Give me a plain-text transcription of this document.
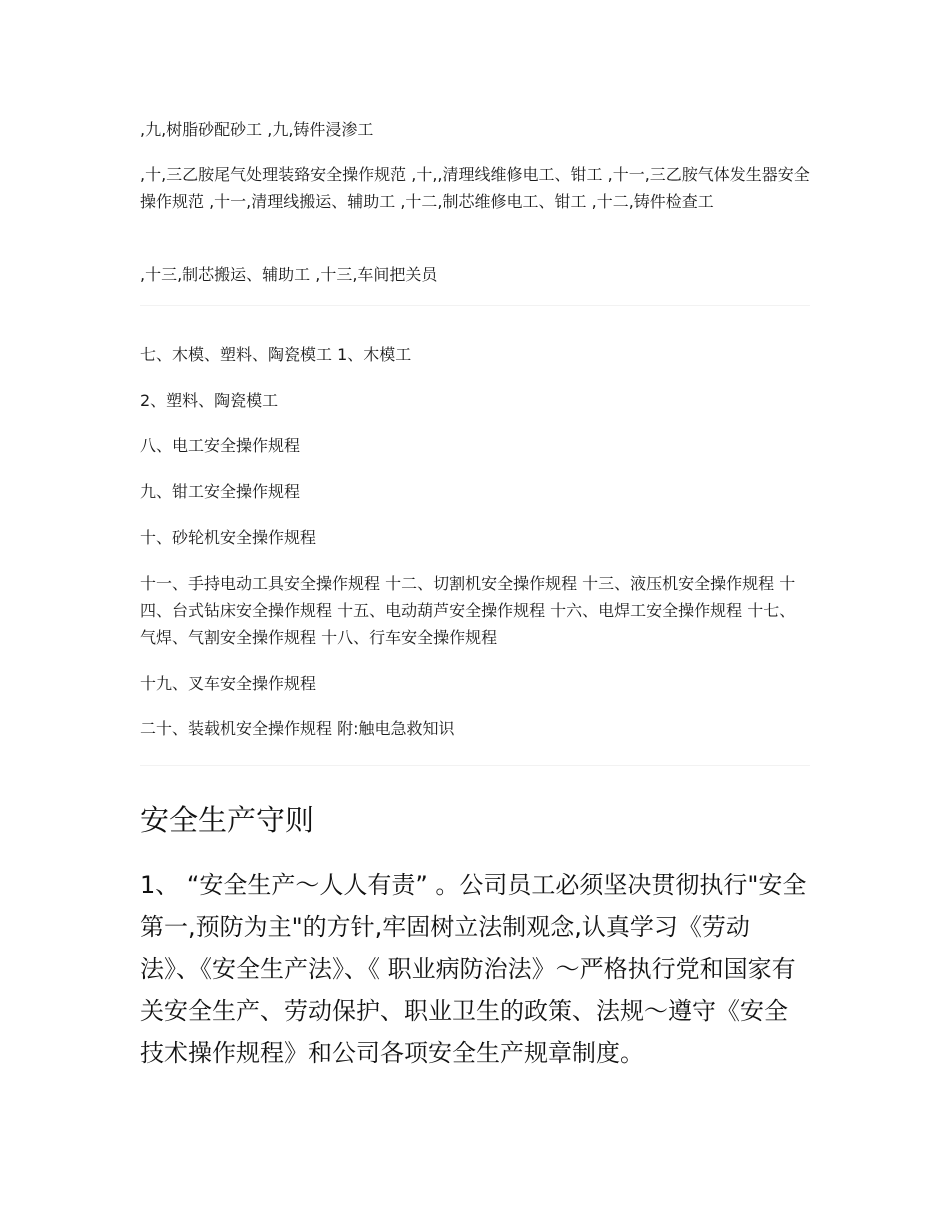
,九,树脂砂配砂工 ,九,铸件浸渗工

,十,三乙胺尾气处理装臵安全操作规范 ,十,,清理线维修电工、钳工 ,十一,三乙胺气体发生器安全操作规范 ,十一,清理线搬运、辅助工 ,十二,制芯维修电工、钳工 ,十二,铸件检查工

,十三,制芯搬运、辅助工 ,十三,车间把关员

七、木模、塑料、陶瓷模工 1、木模工

2、塑料、陶瓷模工

八、电工安全操作规程

九、钳工安全操作规程

十、砂轮机安全操作规程

十一、手持电动工具安全操作规程 十二、切割机安全操作规程 十三、液压机安全操作规程 十四、台式钻床安全操作规程 十五、电动葫芦安全操作规程 十六、电焊工安全操作规程 十七、气焊、气割安全操作规程 十八、行车安全操作规程

十九、叉车安全操作规程

二十、装载机安全操作规程 附:触电急救知识

安全生产守则

1、 “安全生产～人人有责” 。公司员工必须坚决贯彻执行"安全第一,预防为主"的方针,牢固树立法制观念,认真学习《劳动法》、《安全生产法》、《 职业病防治法》～严格执行党和国家有关安全生产、劳动保护、职业卫生的政策、法规～遵守《安全技术操作规程》和公司各项安全生产规章制度。
